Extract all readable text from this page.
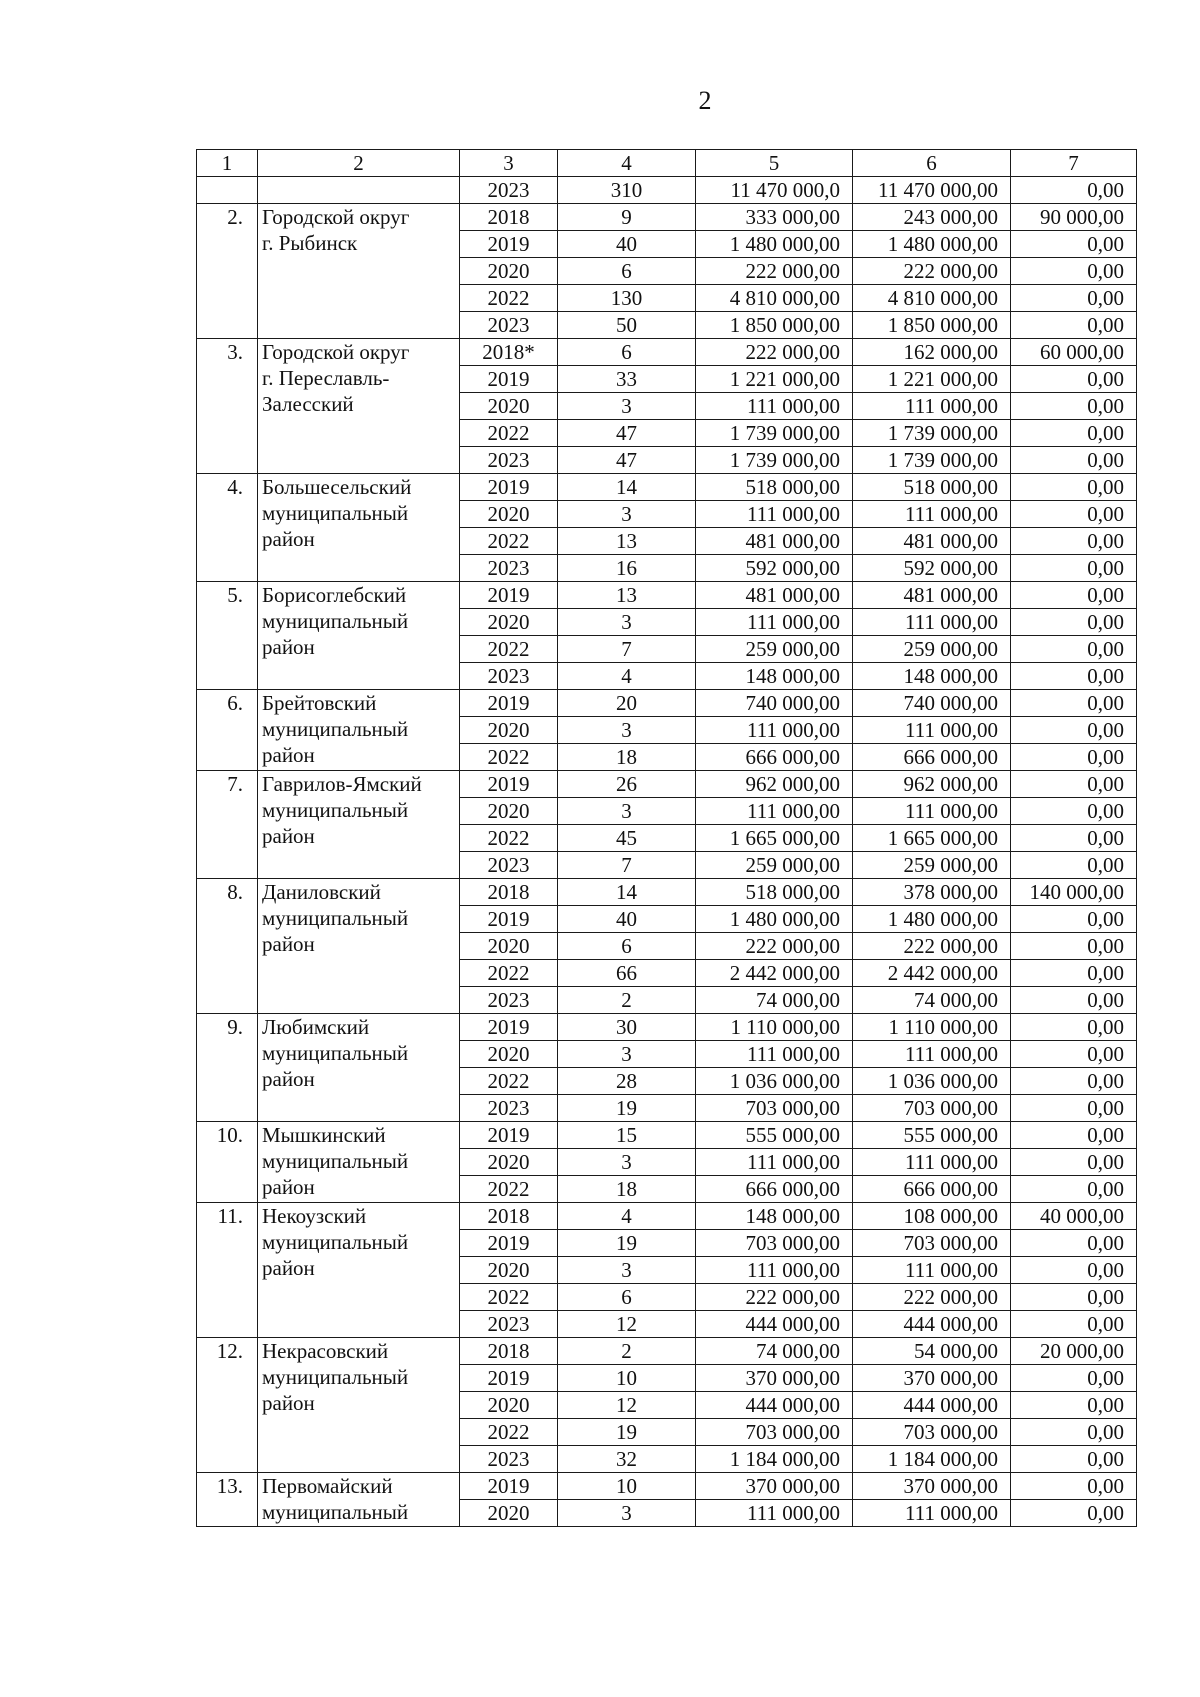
2
1	2	3	4	5	6	7
		2023	310	11 470 000,0	11 470 000,00	0,00
2.	Городской округ
г. Рыбинск	2018	9	333 000,00	243 000,00	90 000,00
		2019	40	1 480 000,00	1 480 000,00	0,00
		2020	6	222 000,00	222 000,00	0,00
		2022	130	4 810 000,00	4 810 000,00	0,00
		2023	50	1 850 000,00	1 850 000,00	0,00
3.	Городской округ
г. Переславль-
Залесский	2018*	6	222 000,00	162 000,00	60 000,00
		2019	33	1 221 000,00	1 221 000,00	0,00
		2020	3	111 000,00	111 000,00	0,00
		2022	47	1 739 000,00	1 739 000,00	0,00
		2023	47	1 739 000,00	1 739 000,00	0,00
4.	Большесельский
муниципальный
район	2019	14	518 000,00	518 000,00	0,00
		2020	3	111 000,00	111 000,00	0,00
		2022	13	481 000,00	481 000,00	0,00
		2023	16	592 000,00	592 000,00	0,00
5.	Борисоглебский
муниципальный
район	2019	13	481 000,00	481 000,00	0,00
		2020	3	111 000,00	111 000,00	0,00
		2022	7	259 000,00	259 000,00	0,00
		2023	4	148 000,00	148 000,00	0,00
6.	Брейтовский
муниципальный
район	2019	20	740 000,00	740 000,00	0,00
		2020	3	111 000,00	111 000,00	0,00
		2022	18	666 000,00	666 000,00	0,00
7.	Гаврилов-Ямский
муниципальный
район	2019	26	962 000,00	962 000,00	0,00
		2020	3	111 000,00	111 000,00	0,00
		2022	45	1 665 000,00	1 665 000,00	0,00
		2023	7	259 000,00	259 000,00	0,00
8.	Даниловский
муниципальный
район	2018	14	518 000,00	378 000,00	140 000,00
		2019	40	1 480 000,00	1 480 000,00	0,00
		2020	6	222 000,00	222 000,00	0,00
		2022	66	2 442 000,00	2 442 000,00	0,00
		2023	2	74 000,00	74 000,00	0,00
9.	Любимский
муниципальный
район	2019	30	1 110 000,00	1 110 000,00	0,00
		2020	3	111 000,00	111 000,00	0,00
		2022	28	1 036 000,00	1 036 000,00	0,00
		2023	19	703 000,00	703 000,00	0,00
10.	Мышкинский
муниципальный
район	2019	15	555 000,00	555 000,00	0,00
		2020	3	111 000,00	111 000,00	0,00
		2022	18	666 000,00	666 000,00	0,00
11.	Некоузский
муниципальный
район	2018	4	148 000,00	108 000,00	40 000,00
		2019	19	703 000,00	703 000,00	0,00
		2020	3	111 000,00	111 000,00	0,00
		2022	6	222 000,00	222 000,00	0,00
		2023	12	444 000,00	444 000,00	0,00
12.	Некрасовский
муниципальный
район	2018	2	74 000,00	54 000,00	20 000,00
		2019	10	370 000,00	370 000,00	0,00
		2020	12	444 000,00	444 000,00	0,00
		2022	19	703 000,00	703 000,00	0,00
		2023	32	1 184 000,00	1 184 000,00	0,00
13.	Первомайский
муниципальный	2019	10	370 000,00	370 000,00	0,00
		2020	3	111 000,00	111 000,00	0,00
